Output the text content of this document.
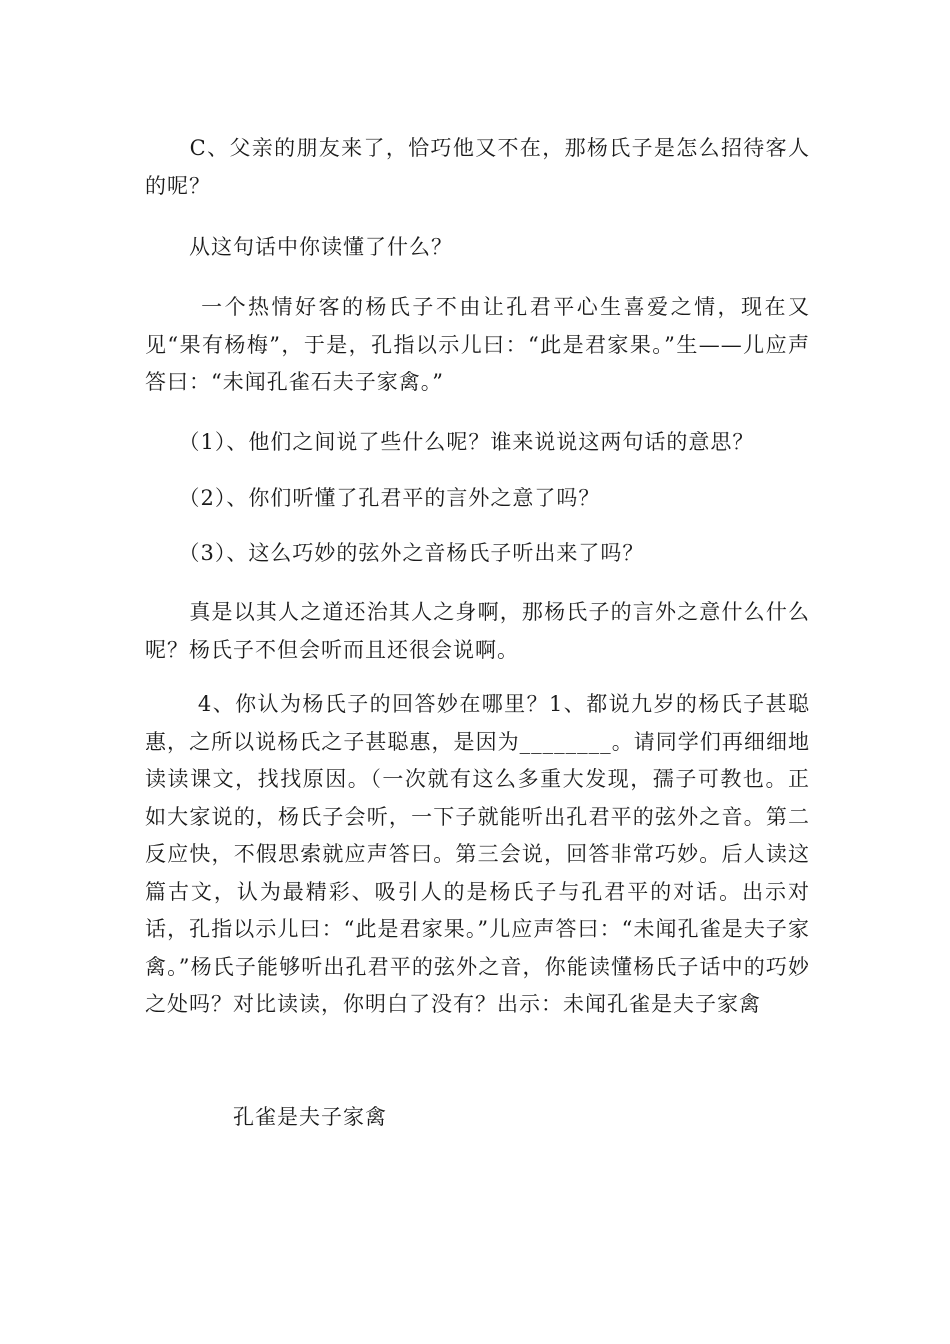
　　C、父亲的朋友来了，恰巧他又不在，那杨氏子是怎么招待客人的呢？

　　从这句话中你读懂了什么？

　　 一个热情好客的杨氏子不由让孔君平心生喜爱之情，现在又见“果有杨梅”，于是，孔指以示儿曰：“此是君家果。”生——儿应声答曰：“未闻孔雀石夫子家禽。”

　　（1）、他们之间说了些什么呢？谁来说说这两句话的意思？

　　（2）、你们听懂了孔君平的言外之意了吗？

　　（3）、这么巧妙的弦外之音杨氏子听出来了吗？

　　真是以其人之道还治其人之身啊，那杨氏子的言外之意什么什么呢？杨氏子不但会听而且还很会说啊。

　　 4、你认为杨氏子的回答妙在哪里？1、都说九岁的杨氏子甚聪惠，之所以说杨氏之子甚聪惠，是因为________。请同学们再细细地读读课文，找找原因。（一次就有这么多重大发现，孺子可教也。正如大家说的，杨氏子会听，一下子就能听出孔君平的弦外之音。第二反应快，不假思索就应声答曰。第三会说，回答非常巧妙。后人读这篇古文，认为最精彩、吸引人的是杨氏子与孔君平的对话。出示对话，孔指以示儿曰：“此是君家果。”儿应声答曰：“未闻孔雀是夫子家禽。”杨氏子能够听出孔君平的弦外之音，你能读懂杨氏子话中的巧妙之处吗？对比读读，你明白了没有？出示：未闻孔雀是夫子家禽

　　　　孔雀是夫子家禽
